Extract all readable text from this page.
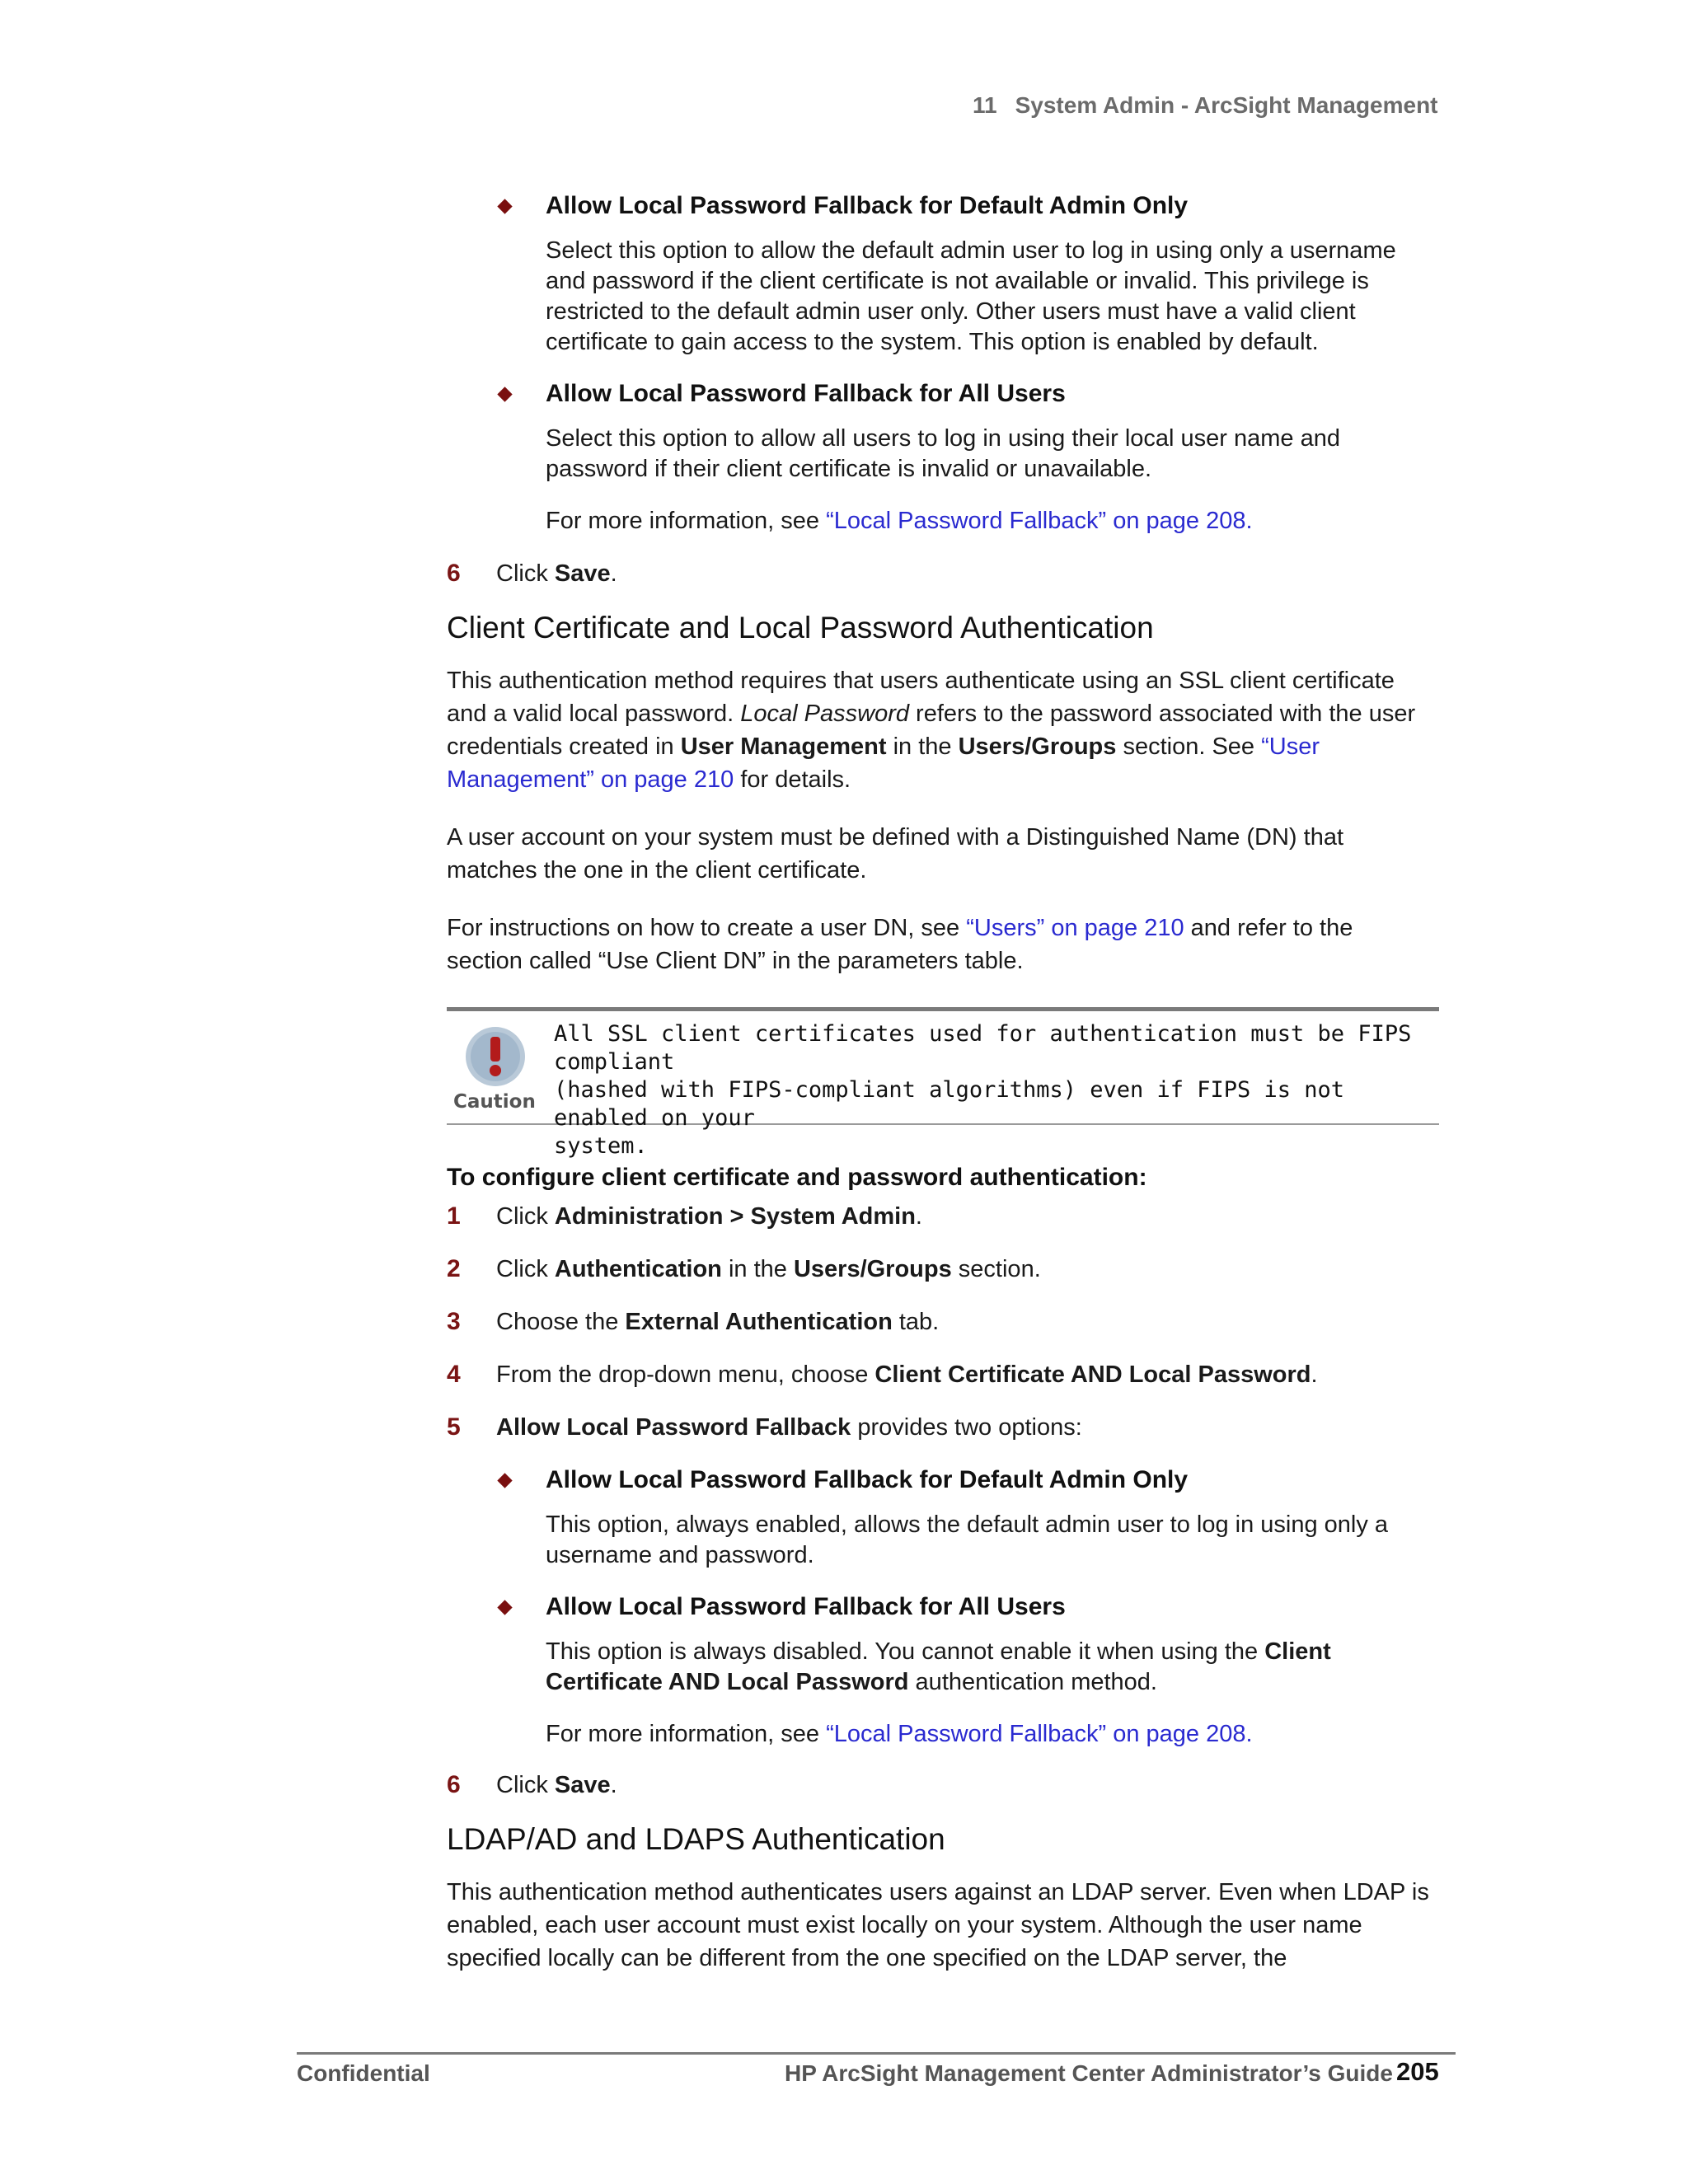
11 System Admin - ArcSight Management
Allow Local Password Fallback for Default Admin Only
Select this option to allow the default admin user to log in using only a username
and password if the client certificate is not available or invalid. This privilege is
restricted to the default admin user only. Other users must have a valid client
certificate to gain access to the system. This option is enabled by default.
Allow Local Password Fallback for All Users
Select this option to allow all users to log in using their local user name and
password if their client certificate is invalid or unavailable.
For more information, see “Local Password Fallback” on page 208.
6 Click Save.
Client Certificate and Local Password Authentication
This authentication method requires that users authenticate using an SSL client certificate
and a valid local password. Local Password refers to the password associated with the user
credentials created in User Management in the Users/Groups section. See “User
Management” on page 210 for details.
A user account on your system must be defined with a Distinguished Name (DN) that
matches the one in the client certificate.
For instructions on how to create a user DN, see “Users” on page 210 and refer to the
section called “Use Client DN” in the parameters table.
Caution
All SSL client certificates used for authentication must be FIPS compliant
(hashed with FIPS-compliant algorithms) even if FIPS is not enabled on your
system.
To configure client certificate and password authentication:
1 Click Administration > System Admin.
2 Click Authentication in the Users/Groups section.
3 Choose the External Authentication tab.
4 From the drop-down menu, choose Client Certificate AND Local Password.
5 Allow Local Password Fallback provides two options:
Allow Local Password Fallback for Default Admin Only
This option, always enabled, allows the default admin user to log in using only a
username and password.
Allow Local Password Fallback for All Users
This option is always disabled. You cannot enable it when using the Client
Certificate AND Local Password authentication method.
For more information, see “Local Password Fallback” on page 208.
6 Click Save.
LDAP/AD and LDAPS Authentication
This authentication method authenticates users against an LDAP server. Even when LDAP is
enabled, each user account must exist locally on your system. Although the user name
specified locally can be different from the one specified on the LDAP server, the
Confidential	HP ArcSight Management Center Administrator’s Guide 205
